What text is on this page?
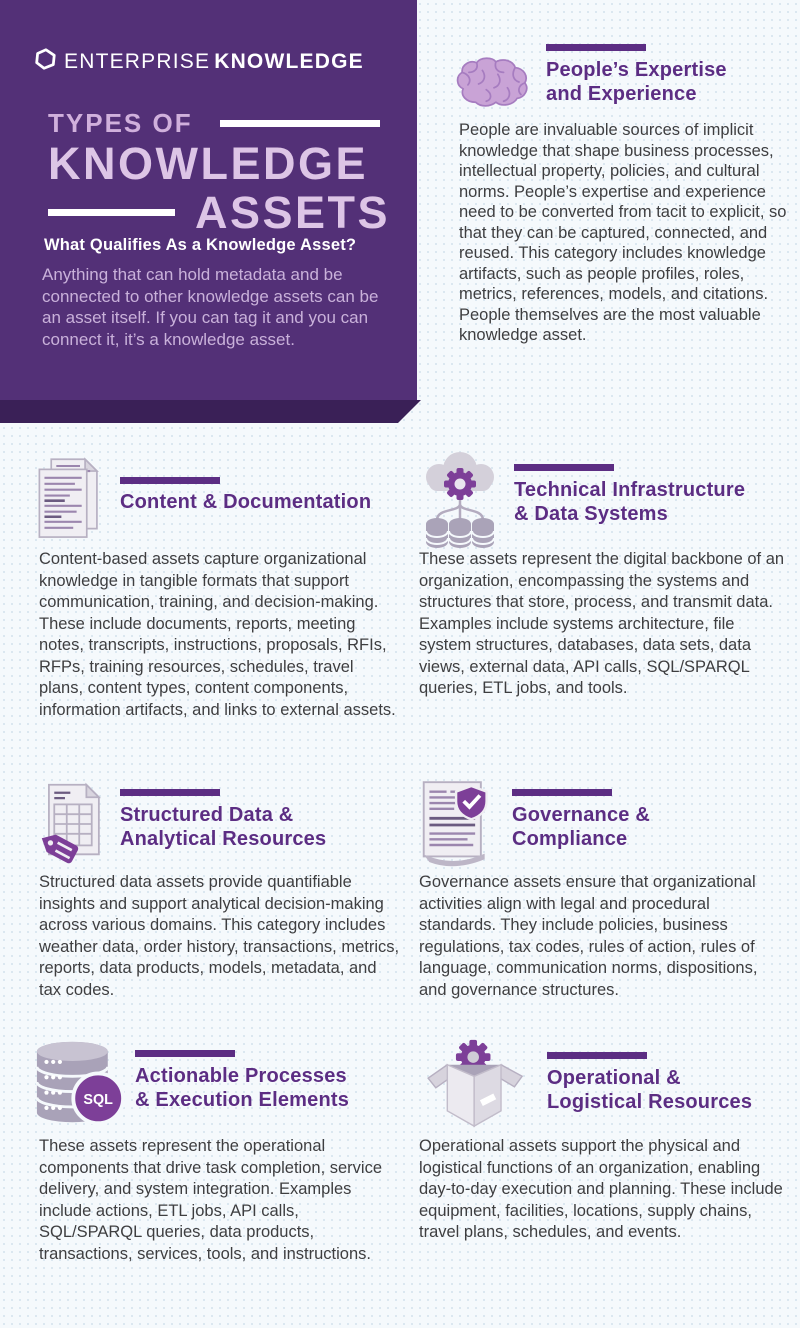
ENTERPRISE KNOWLEDGE
TYPES OF
KNOWLEDGE
ASSETS
What Qualifies As a Knowledge Asset?

Anything that can hold metadata and be connected to other knowledge assets can be an asset itself. If you can tag it and you can connect it, it’s a knowledge asset.

People’s Expertise
and Experience

People are invaluable sources of implicit knowledge that shape business processes, intellectual property, policies, and cultural norms. People’s expertise and experience need to be converted from tacit to explicit, so that they can be captured, connected, and reused. This category includes knowledge artifacts, such as people profiles, roles, metrics, references, models, and citations. People themselves are the most valuable knowledge asset.

Content & Documentation

Content-based assets capture organizational knowledge in tangible formats that support communication, training, and decision-making. These include documents, reports, meeting notes, transcripts, instructions, proposals, RFIs, RFPs, training resources, schedules, travel plans, content types, content components, information artifacts, and links to external assets.

Technical Infrastructure
& Data Systems

These assets represent the digital backbone of an organization, encompassing the systems and structures that store, process, and transmit data. Examples include systems architecture, file system structures, databases, data sets, data views, external data, API calls, SQL/SPARQL queries, ETL jobs, and tools.

Structured Data &
Analytical Resources

Structured data assets provide quantifiable insights and support analytical decision-making across various domains. This category includes weather data, order history, transactions, metrics, reports, data products, models, metadata, and tax codes.

Governance &
Compliance

Governance assets ensure that organizational activities align with legal and procedural standards. They include policies, business regulations, tax codes, rules of action, rules of language, communication norms, dispositions, and governance structures.

SQL
Actionable Processes
& Execution Elements

These assets represent the operational components that drive task completion, service delivery, and system integration. Examples include actions, ETL jobs, API calls, SQL/SPARQL queries, data products, transactions, services, tools, and instructions.

Operational &
Logistical Resources

Operational assets support the physical and logistical functions of an organization, enabling day-to-day execution and planning. These include equipment, facilities, locations, supply chains, travel plans, schedules, and events.
